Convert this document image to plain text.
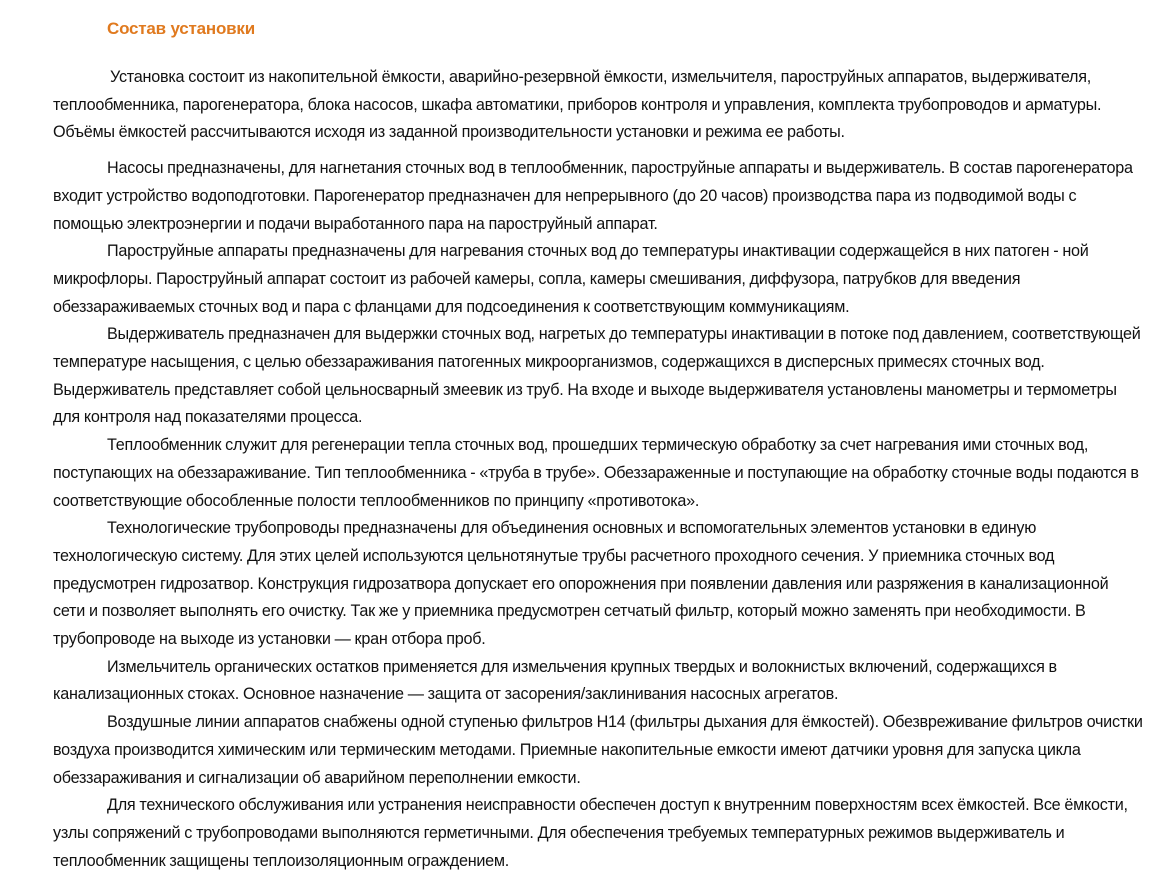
Состав установки

Установка состоит из накопительной ёмкости, аварийно-резервной ёмкости, измельчителя, пароструйных аппаратов, выдерживателя, теплообменника, парогенератора, блока насосов, шкафа автоматики, приборов контроля и управления, комплекта трубопроводов и арматуры. Объёмы ёмкостей рассчитываются исходя из заданной производительности установки и режима ее работы.

Насосы предназначены, для нагнетания сточных вод в теплообменник, пароструйные аппараты и выдерживатель. В состав парогенератора входит устройство водоподготовки. Парогенератор предназначен для непрерывного (до 20 часов) производства пара из подводимой воды с помощью электроэнергии и подачи выработанного пара на пароструйный аппарат.

Пароструйные аппараты предназначены для нагревания сточных вод до температуры инактивации содержащейся в них патоген - ной микрофлоры. Пароструйный аппарат состоит из рабочей камеры, сопла, камеры смешивания, диффузора, патрубков для введения обеззараживаемых сточных вод и пара с фланцами для подсоединения к соответствующим коммуникациям.

Выдерживатель предназначен для выдержки сточных вод, нагретых до температуры инактивации в потоке под давлением, соответствующей температуре насыщения, с целью обеззараживания патогенных микроорганизмов, содержащихся в дисперсных примесях сточных вод. Выдерживатель представляет собой цельносварный змеевик из труб. На входе и выходе выдерживателя установлены манометры и термометры для контроля над показателями процесса.

Теплообменник служит для регенерации тепла сточных вод, прошедших термическую обработку за счет нагревания ими сточных вод, поступающих на обеззараживание. Тип теплообменника - «труба в трубе». Обеззараженные и поступающие на обработку сточные воды подаются в соответствующие обособленные полости теплообменников по принципу «противотока».

Технологические трубопроводы предназначены для объединения основных и вспомогательных элементов установки в единую технологическую систему. Для этих целей используются цельнотянутые трубы расчетного проходного сечения. У приемника сточных вод предусмотрен гидрозатвор. Конструкция гидрозатвора допускает его опорожнения при появлении давления или разряжения в канализационной сети и позволяет выполнять его очистку. Так же у приемника предусмотрен сетчатый фильтр, который можно заменять при необходимости. В трубопроводе на выходе из установки — кран отбора проб.

Измельчитель органических остатков применяется для измельчения крупных твердых и волокнистых включений, содержащихся в канализационных стоках. Основное назначение — защита от засорения/заклинивания насосных агрегатов.

Воздушные линии аппаратов снабжены одной ступенью фильтров H14 (фильтры дыхания для ёмкостей). Обезвреживание фильтров очистки воздуха производится химическим или термическим методами. Приемные накопительные емкости имеют датчики уровня для запуска цикла обеззараживания и сигнализации об аварийном переполнении емкости.

Для технического обслуживания или устранения неисправности обеспечен доступ к внутренним поверхностям всех ёмкостей. Все ёмкости, узлы сопряжений с трубопроводами выполняются герметичными. Для обеспечения требуемых температурных режимов выдерживатель и теплообменник защищены теплоизоляционным ограждением.
